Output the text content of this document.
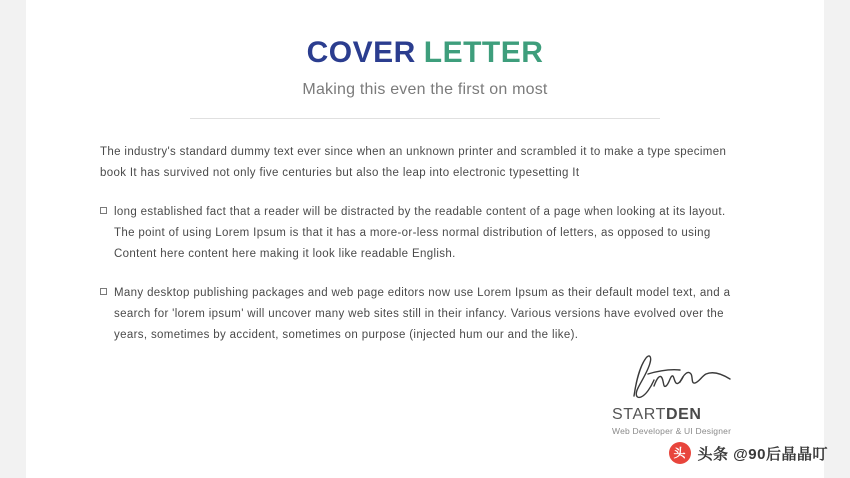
COVER LETTER

Making this even the first on most

The industry's standard dummy text ever since when an unknown printer and scrambled it to make a type specimen book It has survived not only five centuries but also the leap into electronic typesetting It

long established fact that a reader will be distracted by the readable content of a page when looking at its layout. The point of using Lorem Ipsum is that it has a more-or-less normal distribution of letters, as opposed to using Content here content here making it look like readable English.

Many desktop publishing packages and web page editors now use Lorem Ipsum as their default model text, and a search for 'lorem ipsum' will uncover many web sites still in their infancy. Various versions have evolved over the years, sometimes by accident, sometimes on purpose (injected hum our and the like).

STARTDEN
Web Developer & UI Designer
头 头条 @90后晶晶叮
